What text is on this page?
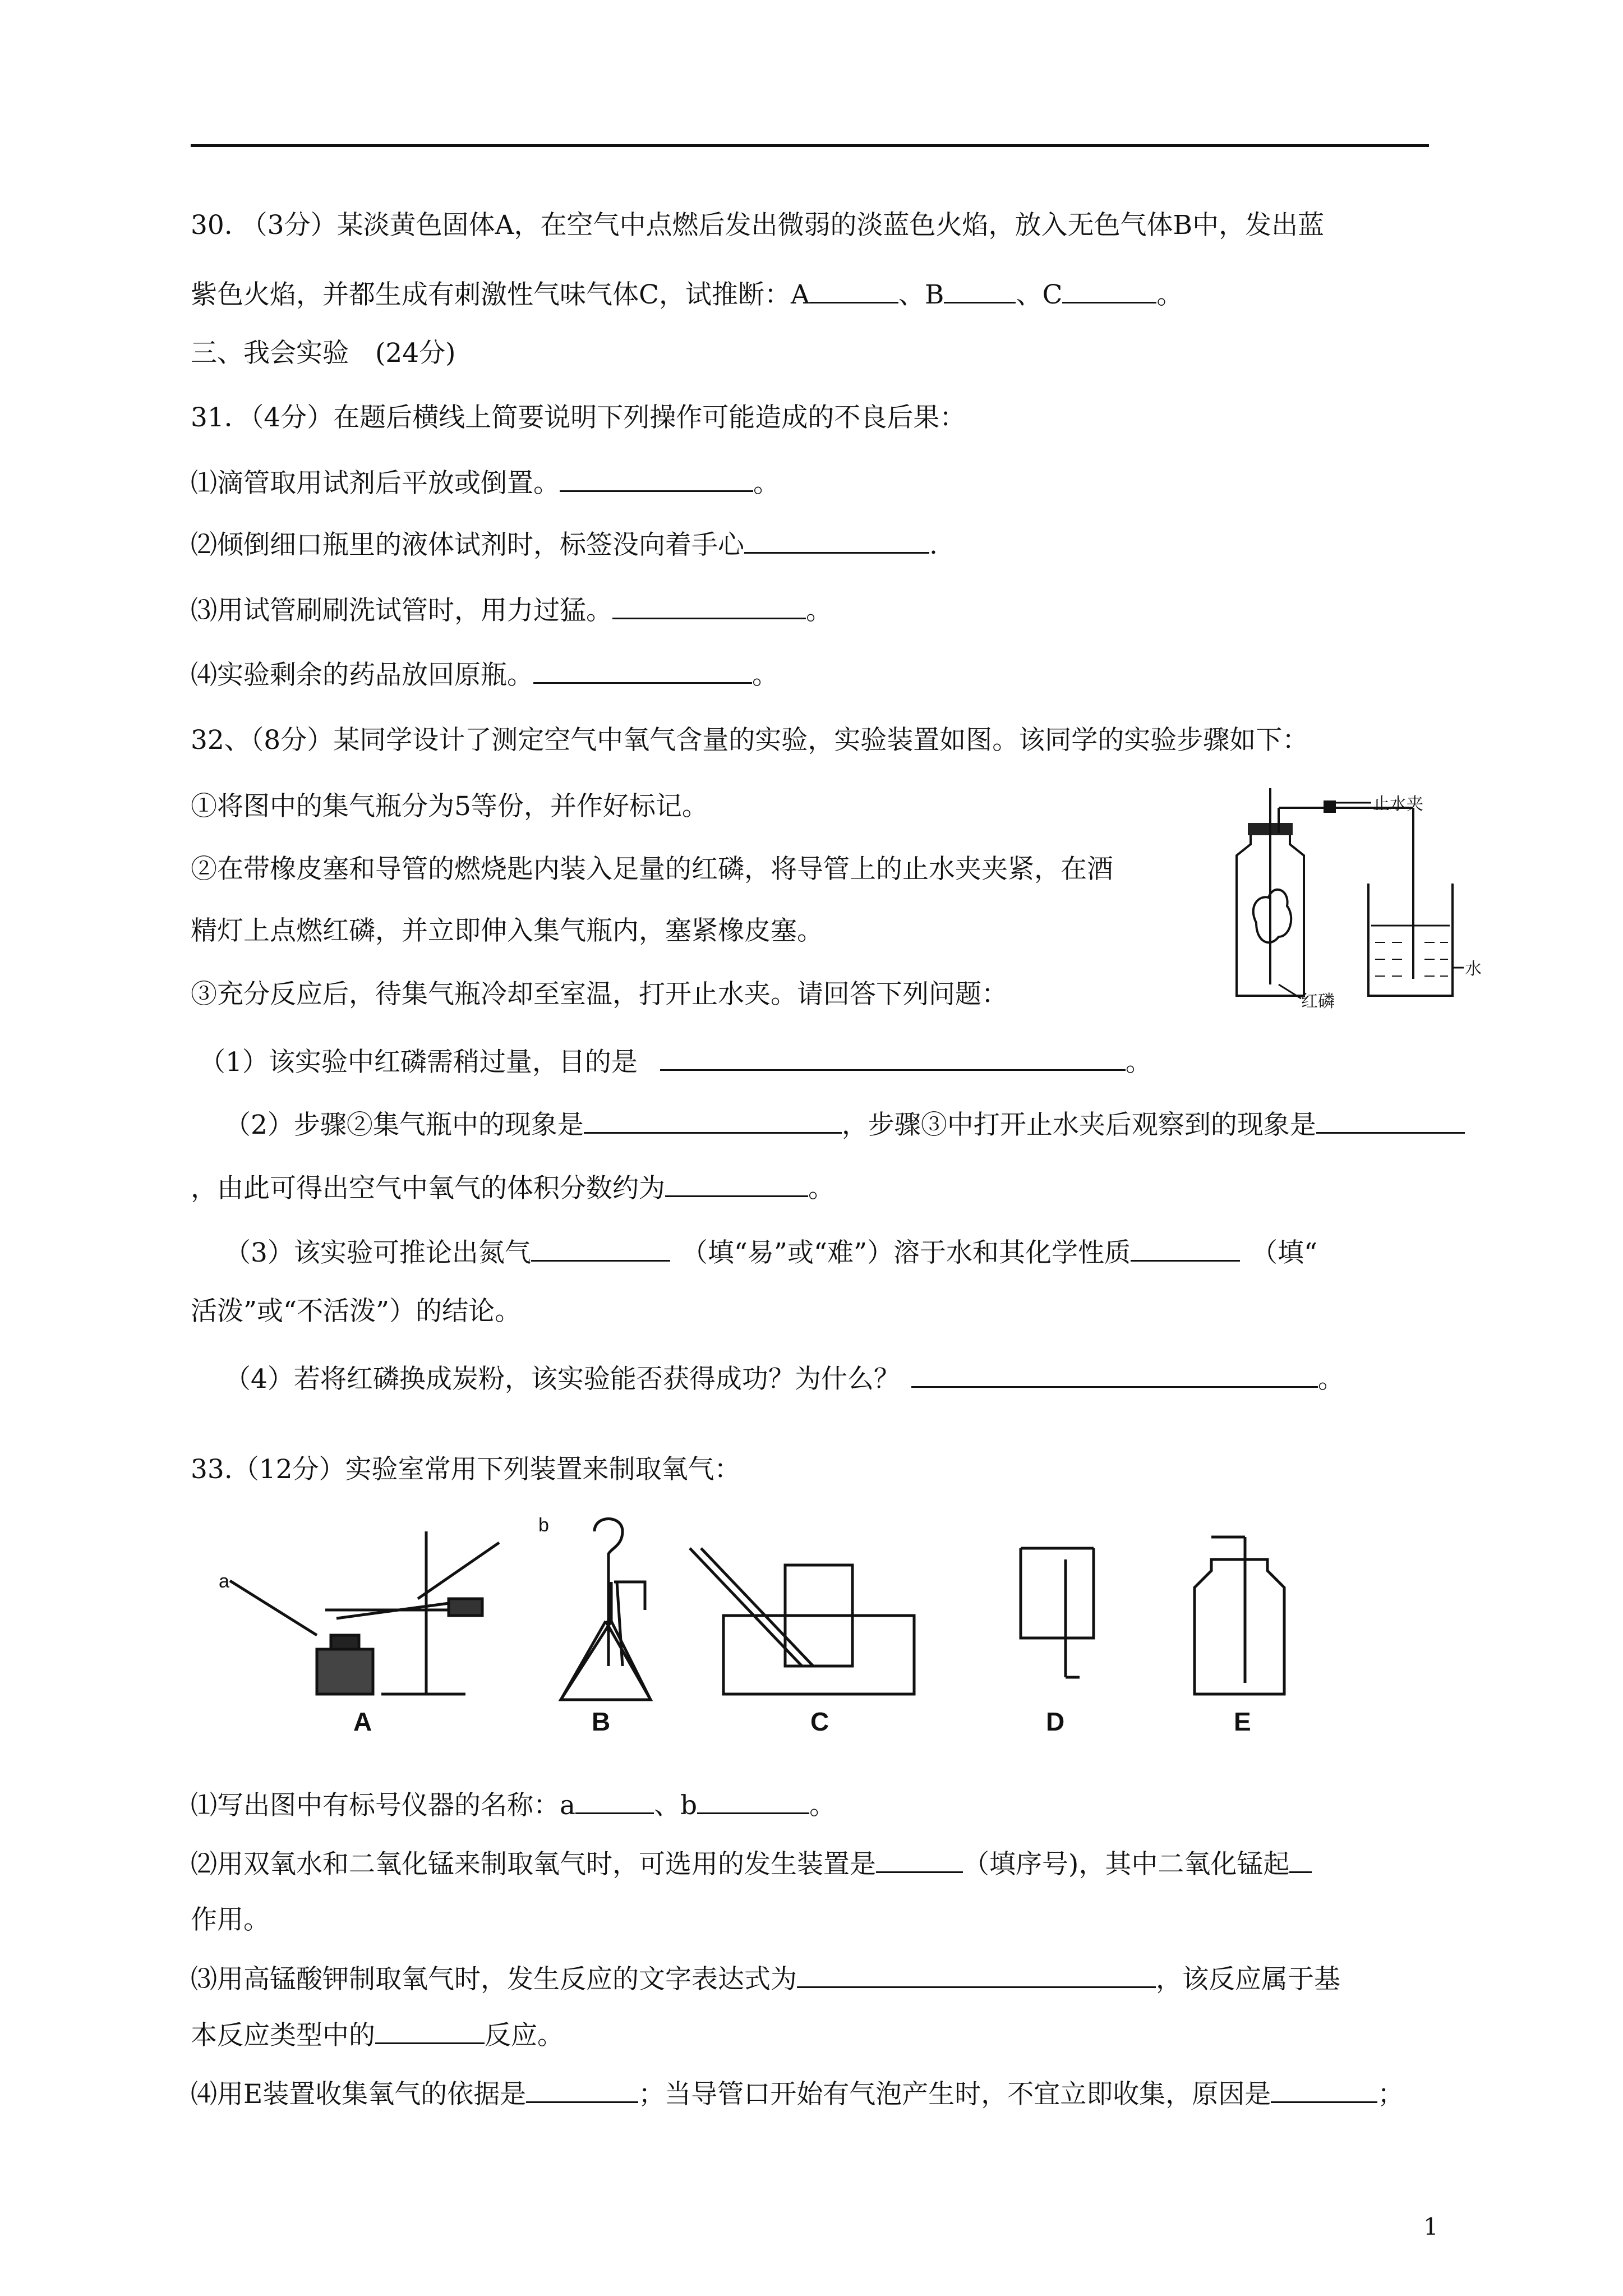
30. （3分）某淡黄色固体A，在空气中点燃后发出微弱的淡蓝色火焰，放入无色气体B中，发出蓝
紫色火焰，并都生成有刺激性气味气体C，试推断：A	、B	、C	。
三、我会实验　(24分)
31．（4分）在题后横线上简要说明下列操作可能造成的不良后果：
⑴滴管取用试剂后平放或倒置。	。
⑵倾倒细口瓶里的液体试剂时，标签没向着手心	.
⑶用试管刷刷洗试管时，用力过猛。	。
⑷实验剩余的药品放回原瓶。	。
32、（8分）某同学设计了测定空气中氧气含量的实验，实验装置如图。该同学的实验步骤如下：
①将图中的集气瓶分为5等份，并作好标记。
②在带橡皮塞和导管的燃烧匙内装入足量的红磷，将导管上的止水夹夹紧，在酒
精灯上点燃红磷，并立即伸入集气瓶内，塞紧橡皮塞。
③充分反应后，待集气瓶冷却至室温，打开止水夹。请回答下列问题：
（1）该实验中红磷需稍过量，目的是	。
（2）步骤②集气瓶中的现象是	，步骤③中打开止水夹后观察到的现象是
，由此可得出空气中氧气的体积分数约为	。
（3）该实验可推论出氮气	（填“易”或“难”）溶于水和其化学性质	（填“
活泼”或“不活泼”）的结论。
（4）若将红磷换成炭粉，该实验能否获得成功？为什么？	。
止水夹
红磷
水
33.（12分）实验室常用下列装置来制取氧气：
a
b
A	B	C	D	E
⑴写出图中有标号仪器的名称：a	、b	。
⑵用双氧水和二氧化锰来制取氧气时，可选用的发生装置是	（填序号)，其中二氧化锰起
作用。
⑶用高锰酸钾制取氧气时，发生反应的文字表达式为	，该反应属于基
本反应类型中的	反应。
⑷用E装置收集氧气的依据是	；当导管口开始有气泡产生时，不宜立即收集，原因是	；
1
